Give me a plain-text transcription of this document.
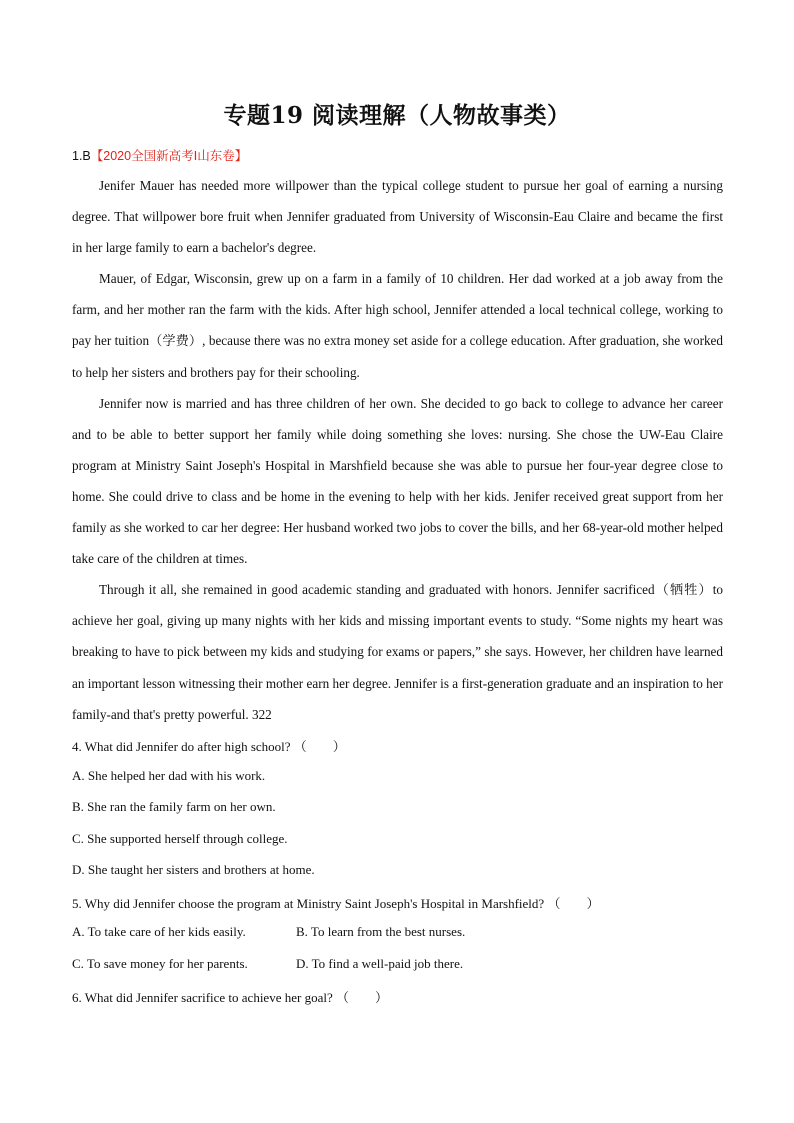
专题19 阅读理解（人物故事类）
1.B【2020全国新高考Ⅰ山东卷】

Jenifer Mauer has needed more willpower than the typical college student to pursue her goal of earning a nursing degree. That willpower bore fruit when Jennifer graduated from University of Wisconsin-Eau Claire and became the first in her large family to earn a bachelor's degree.

Mauer, of Edgar, Wisconsin, grew up on a farm in a family of 10 children. Her dad worked at a job away from the farm, and her mother ran the farm with the kids. After high school, Jennifer attended a local technical college, working to pay her tuition（学费）, because there was no extra money set aside for a college education. After graduation, she worked to help her sisters and brothers pay for their schooling.

Jennifer now is married and has three children of her own. She decided to go back to college to advance her career and to be able to better support her family while doing something she loves: nursing. She chose the UW-Eau Claire program at Ministry Saint Joseph's Hospital in Marshfield because she was able to pursue her four-year degree close to home. She could drive to class and be home in the evening to help with her kids. Jenifer received great support from her family as she worked to car her degree: Her husband worked two jobs to cover the bills, and her 68-year-old mother helped take care of the children at times.

Through it all, she remained in good academic standing and graduated with honors. Jennifer sacrificed（牺牲）to achieve her goal, giving up many nights with her kids and missing important events to study. “Some nights my heart was breaking to have to pick between my kids and studying for exams or papers,” she says. However, her children have learned an important lesson witnessing their mother earn her degree. Jennifer is a first-generation graduate and an inspiration to her family-and that's pretty powerful. 322

4. What did Jennifer do after high school? （　　）
A. She helped her dad with his work.
B. She ran the family farm on her own.
C. She supported herself through college.
D. She taught her sisters and brothers at home.
5. Why did Jennifer choose the program at Ministry Saint Joseph's Hospital in Marshfield? （　　）
A. To take care of her kids easily.	B. To learn from the best nurses.
C. To save money for her parents.	D. To find a well-paid job there.
6. What did Jennifer sacrifice to achieve her goal? （　　）
